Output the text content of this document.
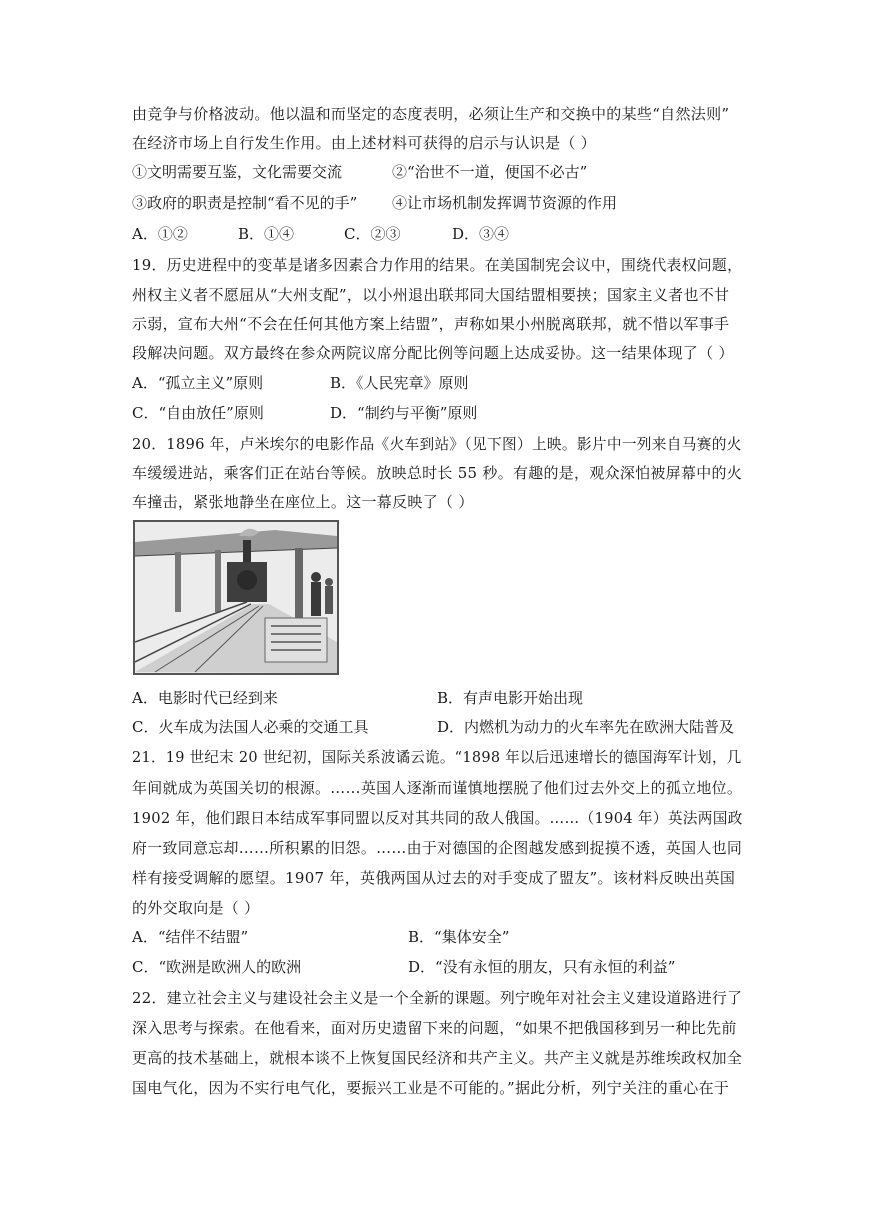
由竞争与价格波动。他以温和而坚定的态度表明，必须让生产和交换中的某些“自然法则”
在经济市场上自行发生作用。由上述材料可获得的启示与认识是（ ）
①文明需要互鉴，文化需要交流	②“治世不一道，便国不必古”
③政府的职责是控制“看不见的手” ④让市场机制发挥调节资源的作用
A．①②	B．①④	C．②③	D．③④
19．历史进程中的变革是诸多因素合力作用的结果。在美国制宪会议中，围绕代表权问题，
州权主义者不愿屈从“大州支配”，以小州退出联邦同大国结盟相要挟；国家主义者也不甘
示弱，宣布大州“不会在任何其他方案上结盟”，声称如果小州脱离联邦，就不惜以军事手
段解决问题。双方最终在参众两院议席分配比例等问题上达成妥协。这一结果体现了（ ）
A．“孤立主义”原则	B．《人民宪章》原则
C．“自由放任”原则	D．“制约与平衡”原则
20．1896 年，卢米埃尔的电影作品《火车到站》（见下图）上映。影片中一列来自马赛的火
车缓缓进站，乘客们正在站台等候。放映总时长 55 秒。有趣的是，观众深怕被屏幕中的火
车撞击，紧张地静坐在座位上。这一幕反映了（ ）
A．电影时代已经到来	B．有声电影开始出现
C．火车成为法国人必乘的交通工具	D．内燃机为动力的火车率先在欧洲大陆普及
21．19 世纪末 20 世纪初，国际关系波谲云诡。“1898 年以后迅速增长的德国海军计划，几
年间就成为英国关切的根源。……英国人逐渐而谨慎地摆脱了他们过去外交上的孤立地位。
1902 年，他们跟日本结成军事同盟以反对其共同的敌人俄国。……（1904 年）英法两国政
府一致同意忘却……所积累的旧怨。……由于对德国的企图越发感到捉摸不透，英国人也同
样有接受调解的愿望。1907 年，英俄两国从过去的对手变成了盟友”。该材料反映出英国
的外交取向是（ ）
A．“结伴不结盟”	B．“集体安全”
C．“欧洲是欧洲人的欧洲	D．“没有永恒的朋友，只有永恒的利益”
22．建立社会主义与建设社会主义是一个全新的课题。列宁晚年对社会主义建设道路进行了
深入思考与探索。在他看来，面对历史遗留下来的问题，“如果不把俄国移到另一种比先前
更高的技术基础上，就根本谈不上恢复国民经济和共产主义。共产主义就是苏维埃政权加全
国电气化，因为不实行电气化，要振兴工业是不可能的。”据此分析，列宁关注的重心在于
